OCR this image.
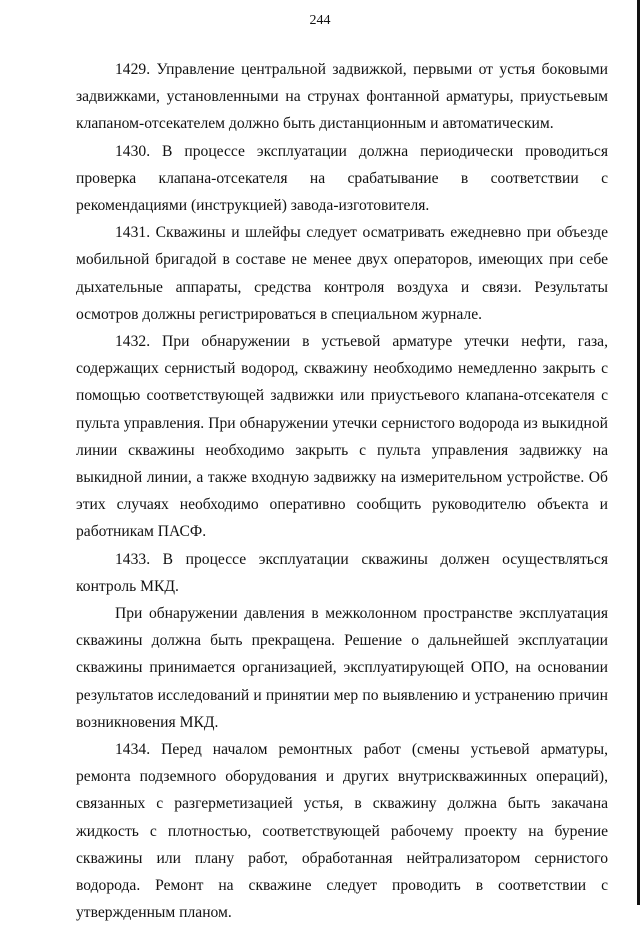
244

1429. Управление центральной задвижкой, первыми от устья боковыми задвижками, установленными на струнах фонтанной арматуры, приустьевым клапаном-отсекателем должно быть дистанционным и автоматическим.

1430. В процессе эксплуатации должна периодически проводиться проверка клапана-отсекателя на срабатывание в соответствии с рекомендациями (инструкцией) завода-изготовителя.

1431. Скважины и шлейфы следует осматривать ежедневно при объезде мобильной бригадой в составе не менее двух операторов, имеющих при себе дыхательные аппараты, средства контроля воздуха и связи. Результаты осмотров должны регистрироваться в специальном журнале.

1432. При обнаружении в устьевой арматуре утечки нефти, газа, содержащих сернистый водород, скважину необходимо немедленно закрыть с помощью соответствующей задвижки или приустьевого клапана-отсекателя с пульта управления. При обнаружении утечки сернистого водорода из выкидной линии скважины необходимо закрыть с пульта управления задвижку на выкидной линии, а также входную задвижку на измерительном устройстве. Об этих случаях необходимо оперативно сообщить руководителю объекта и работникам ПАСФ.

1433. В процессе эксплуатации скважины должен осуществляться контроль МКД.

При обнаружении давления в межколонном пространстве эксплуатация скважины должна быть прекращена. Решение о дальнейшей эксплуатации скважины принимается организацией, эксплуатирующей ОПО, на основании результатов исследований и принятии мер по выявлению и устранению причин возникновения МКД.

1434. Перед началом ремонтных работ (смены устьевой арматуры, ремонта подземного оборудования и других внутрискважинных операций), связанных с разгерметизацией устья, в скважину должна быть закачана жидкость с плотностью, соответствующей рабочему проекту на бурение скважины или плану работ, обработанная нейтрализатором сернистого водорода. Ремонт на скважине следует проводить в соответствии с утвержденным планом.
